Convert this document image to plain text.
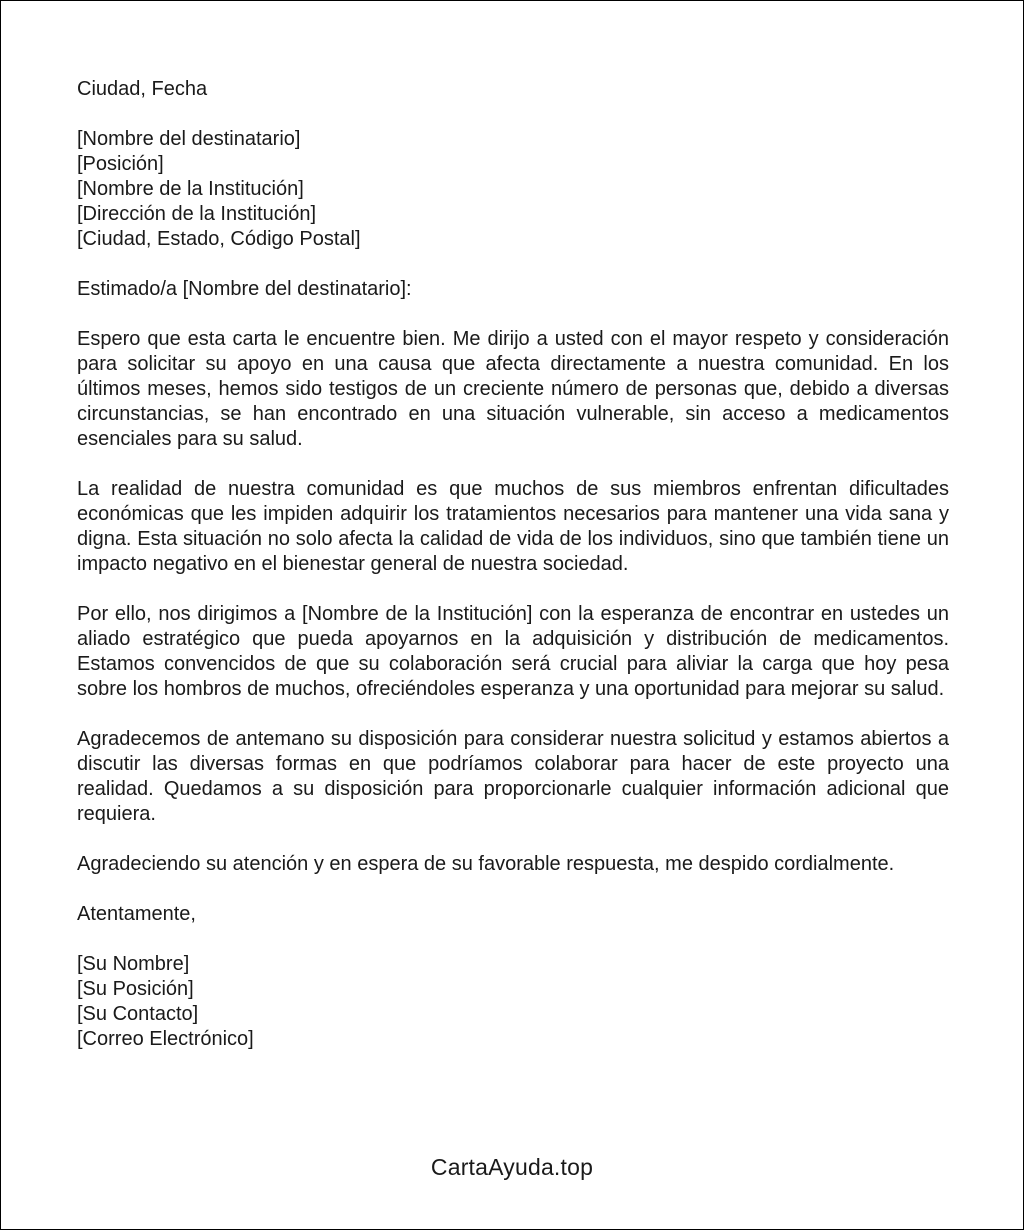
Ciudad, Fecha
[Nombre del destinatario]
[Posición]
[Nombre de la Institución]
[Dirección de la Institución]
[Ciudad, Estado, Código Postal]
Estimado/a [Nombre del destinatario]:

Espero que esta carta le encuentre bien. Me dirijo a usted con el mayor respeto y consideración para solicitar su apoyo en una causa que afecta directamente a nuestra comunidad. En los últimos meses, hemos sido testigos de un creciente número de personas que, debido a diversas circunstancias, se han encontrado en una situación vulnerable, sin acceso a medicamentos esenciales para su salud.

La realidad de nuestra comunidad es que muchos de sus miembros enfrentan dificultades económicas que les impiden adquirir los tratamientos necesarios para mantener una vida sana y digna. Esta situación no solo afecta la calidad de vida de los individuos, sino que también tiene un impacto negativo en el bienestar general de nuestra sociedad.

Por ello, nos dirigimos a [Nombre de la Institución] con la esperanza de encontrar en ustedes un aliado estratégico que pueda apoyarnos en la adquisición y distribución de medicamentos. Estamos convencidos de que su colaboración será crucial para aliviar la carga que hoy pesa sobre los hombros de muchos, ofreciéndoles esperanza y una oportunidad para mejorar su salud.

Agradecemos de antemano su disposición para considerar nuestra solicitud y estamos abiertos a discutir las diversas formas en que podríamos colaborar para hacer de este proyecto una realidad. Quedamos a su disposición para proporcionarle cualquier información adicional que requiera.

Agradeciendo su atención y en espera de su favorable respuesta, me despido cordialmente.

Atentamente,
[Su Nombre]
[Su Posición]
[Su Contacto]
[Correo Electrónico]
CartaAyuda.top
